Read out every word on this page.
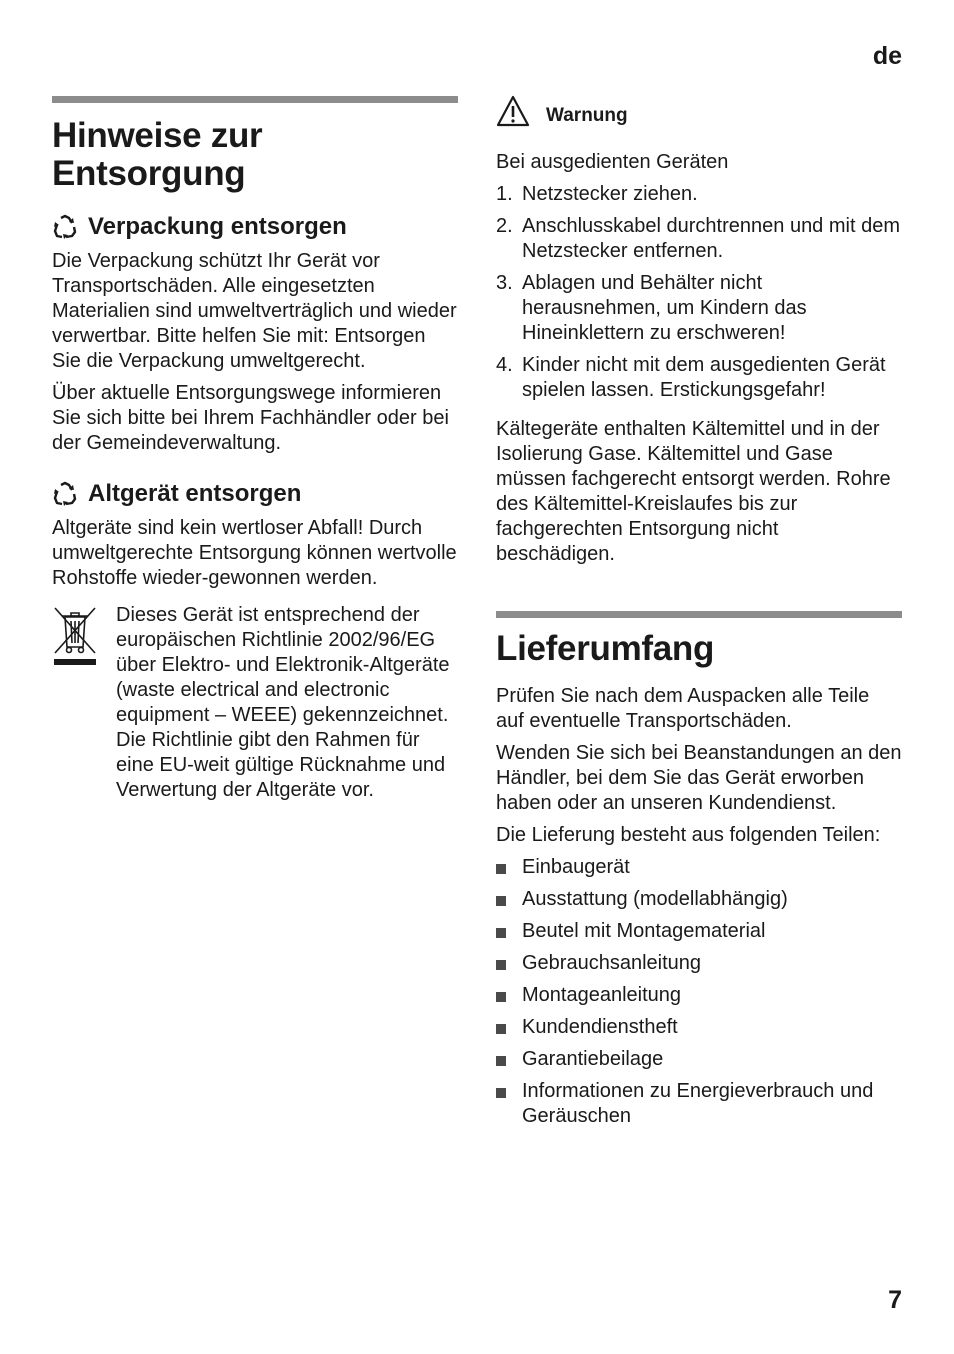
de
Hinweise zur Entsorgung
Verpackung entsorgen

Die Verpackung schützt Ihr Gerät vor Transportschäden. Alle eingesetzten Materialien sind umweltverträglich und wieder verwertbar. Bitte helfen Sie mit: Entsorgen Sie die Verpackung umweltgerecht.

Über aktuelle Entsorgungswege informieren Sie sich bitte bei Ihrem Fachhändler oder bei der Gemeindeverwaltung.

Altgerät entsorgen

Altgeräte sind kein wertloser Abfall! Durch umweltgerechte Entsorgung können wertvolle Rohstoffe wieder-gewonnen werden.

Dieses Gerät ist entsprechend der europäischen Richtlinie 2002/96/EG über Elektro- und Elektronik-Altgeräte (waste electrical and electronic equipment – WEEE) gekennzeichnet. Die Richtlinie gibt den Rahmen für eine EU-weit gültige Rücknahme und Verwertung der Altgeräte vor.

Warnung

Bei ausgedienten Geräten

1. Netzstecker ziehen.
2. Anschlusskabel durchtrennen und mit dem Netzstecker entfernen.
3. Ablagen und Behälter nicht herausnehmen, um Kindern das Hineinklettern zu erschweren!
4. Kinder nicht mit dem ausgedienten Gerät spielen lassen. Erstickungsgefahr!

Kältegeräte enthalten Kältemittel und in der Isolierung Gase. Kältemittel und Gase müssen fachgerecht entsorgt werden. Rohre des Kältemittel-Kreislaufes bis zur fachgerechten Entsorgung nicht beschädigen.

Lieferumfang

Prüfen Sie nach dem Auspacken alle Teile auf eventuelle Transportschäden.

Wenden Sie sich bei Beanstandungen an den Händler, bei dem Sie das Gerät erworben haben oder an unseren Kundendienst.

Die Lieferung besteht aus folgenden Teilen:

Einbaugerät
Ausstattung (modellabhängig)
Beutel mit Montagematerial
Gebrauchsanleitung
Montageanleitung
Kundendienstheft
Garantiebeilage
Informationen zu Energieverbrauch und Geräuschen
7
